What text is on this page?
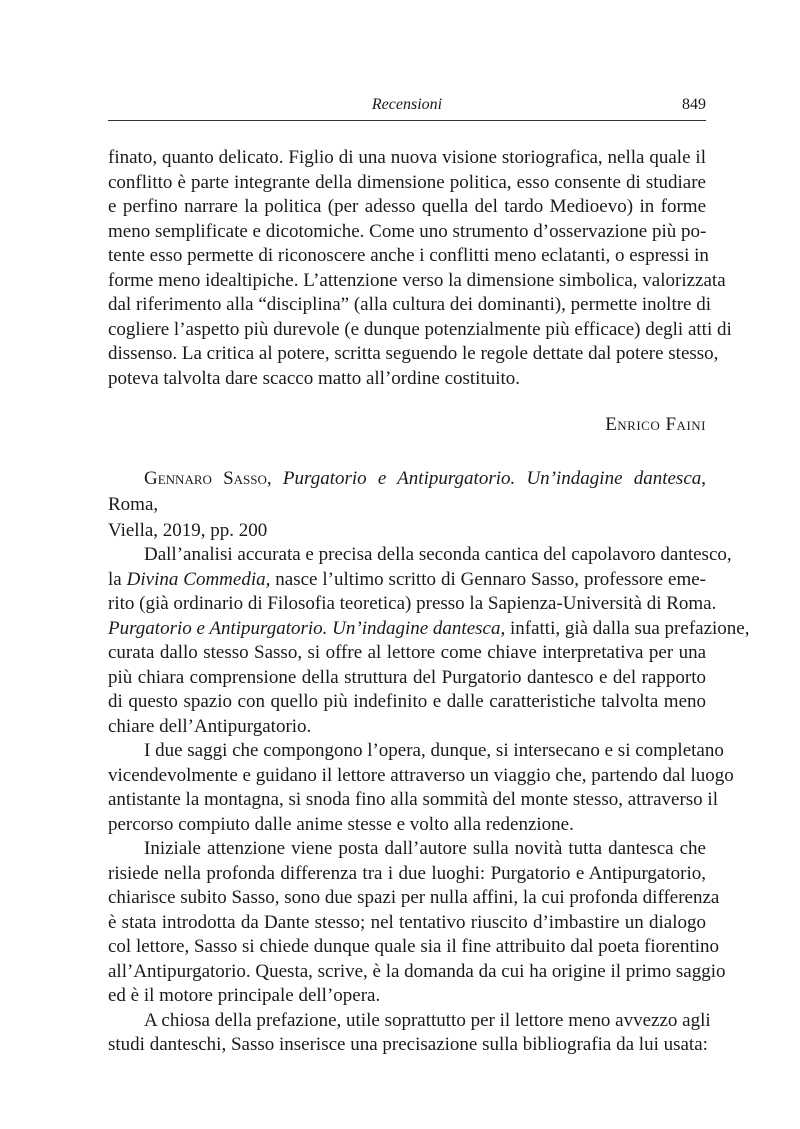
Recensioni	849
finato, quanto delicato. Figlio di una nuova visione storiografica, nella quale il
conflitto è parte integrante della dimensione politica, esso consente di studiare
e perfino narrare la politica (per adesso quella del tardo Medioevo) in forme
meno semplificate e dicotomiche. Come uno strumento d’osservazione più po-
tente esso permette di riconoscere anche i conflitti meno eclatanti, o espressi in
forme meno idealtipiche. L’attenzione verso la dimensione simbolica, valorizzata
dal riferimento alla “disciplina” (alla cultura dei dominanti), permette inoltre di
cogliere l’aspetto più durevole (e dunque potenzialmente più efficace) degli atti di
dissenso. La critica al potere, scritta seguendo le regole dettate dal potere stesso,
poteva talvolta dare scacco matto all’ordine costituito.
Enrico Faini
Gennaro Sasso, Purgatorio e Antipurgatorio. Un’indagine dantesca, Roma,
Viella, 2019, pp. 200

Dall’analisi accurata e precisa della seconda cantica del capolavoro dantesco,
la Divina Commedia, nasce l’ultimo scritto di Gennaro Sasso, professore eme-
rito (già ordinario di Filosofia teoretica) presso la Sapienza-Università di Roma.
Purgatorio e Antipurgatorio. Un’indagine dantesca, infatti, già dalla sua prefazione,
curata dallo stesso Sasso, si offre al lettore come chiave interpretativa per una
più chiara comprensione della struttura del Purgatorio dantesco e del rapporto
di questo spazio con quello più indefinito e dalle caratteristiche talvolta meno
chiare dell’Antipurgatorio.

I due saggi che compongono l’opera, dunque, si intersecano e si completano
vicendevolmente e guidano il lettore attraverso un viaggio che, partendo dal luogo
antistante la montagna, si snoda fino alla sommità del monte stesso, attraverso il
percorso compiuto dalle anime stesse e volto alla redenzione.

Iniziale attenzione viene posta dall’autore sulla novità tutta dantesca che
risiede nella profonda differenza tra i due luoghi: Purgatorio e Antipurgatorio,
chiarisce subito Sasso, sono due spazi per nulla affini, la cui profonda differenza
è stata introdotta da Dante stesso; nel tentativo riuscito d’imbastire un dialogo
col lettore, Sasso si chiede dunque quale sia il fine attribuito dal poeta fiorentino
all’Antipurgatorio. Questa, scrive, è la domanda da cui ha origine il primo saggio
ed è il motore principale dell’opera.

A chiosa della prefazione, utile soprattutto per il lettore meno avvezzo agli
studi danteschi, Sasso inserisce una precisazione sulla bibliografia da lui usata:
